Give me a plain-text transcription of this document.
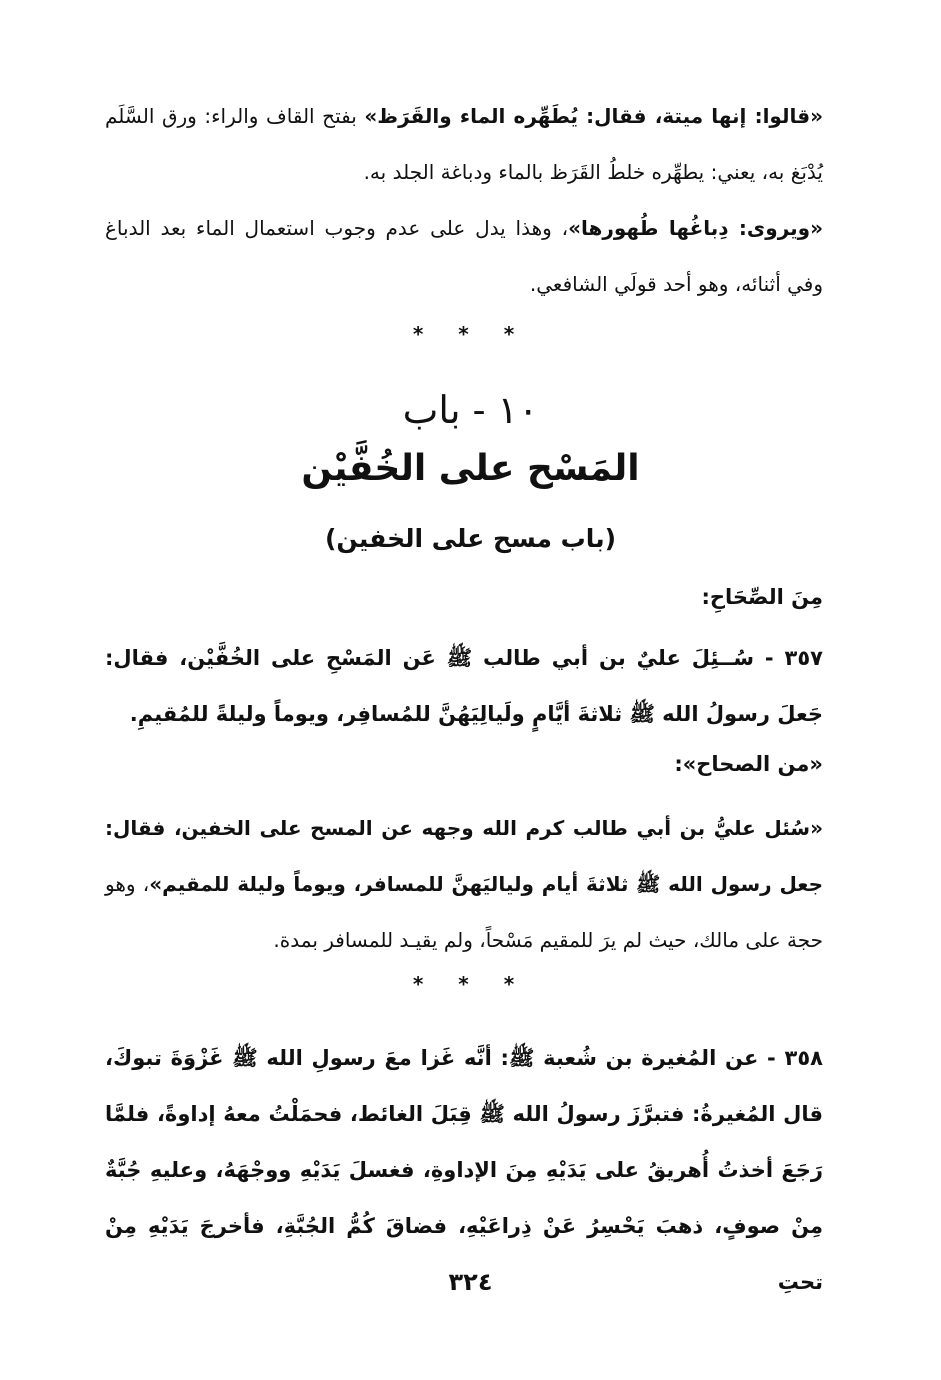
«قالوا: إنها ميتة، فقال: يُطَهِّره الماء والقَرَظ» بفتح القاف والراء: ورق السَّلَم يُدْبَغ به، يعني: يطهِّره خلطُ القَرَظ بالماء ودباغة الجلد به.

«ويروى: دِباغُها طُهورها»، وهذا يدل على عدم وجوب استعمال الماء بعد الدباغ وفي أثنائه، وهو أحد قولَي الشافعي.

* * *
١٠ - باب
المَسْح على الخُفَّيْن
(باب مسح على الخفين)
مِنَ الصِّحَاحِ:

٣٥٧ - سُــئِلَ عليٌ بن أبي طالب ﷺ عَن المَسْحِ على الخُفَّيْن، فقال: جَعلَ رسولُ الله ﷺ ثلاثةَ أيَّامٍ ولَيالِيَهُنَّ للمُسافِر، ويوماً وليلةً للمُقيمِ.

«من الصحاح»:

«سُئل عليُّ بن أبي طالب كرم الله وجهه عن المسح على الخفين، فقال: جعل رسول الله ﷺ ثلاثةَ أيام ولياليَهنَّ للمسافر، ويوماً وليلة للمقيم»، وهو حجة على مالك، حيث لم يرَ للمقيم مَسْحاً، ولم يقيـد للمسافر بمدة.

* * *

٣٥٨ - عن المُغيرة بن شُعبة ﷺ: أنَّه غَزا معَ رسولِ الله ﷺ غَزْوَةَ تبوكَ، قال المُغيرةُ: فتبرَّزَ رسولُ الله ﷺ قِبَلَ الغائط، فحمَلْتُ معهُ إداوةً، فلمَّا رَجَعَ أخذتُ أُهريقُ على يَدَيْهِ مِنَ الإداوةِ، فغسلَ يَدَيْهِ ووجْهَهُ، وعليهِ جُبَّةٌ مِنْ صوفٍ، ذهبَ يَحْسِرُ عَنْ ذِراعَيْهِ، فضاقَ كُمُّ الجُبَّةِ، فأخرجَ يَدَيْهِ مِنْ تحتِ

٣٢٤
